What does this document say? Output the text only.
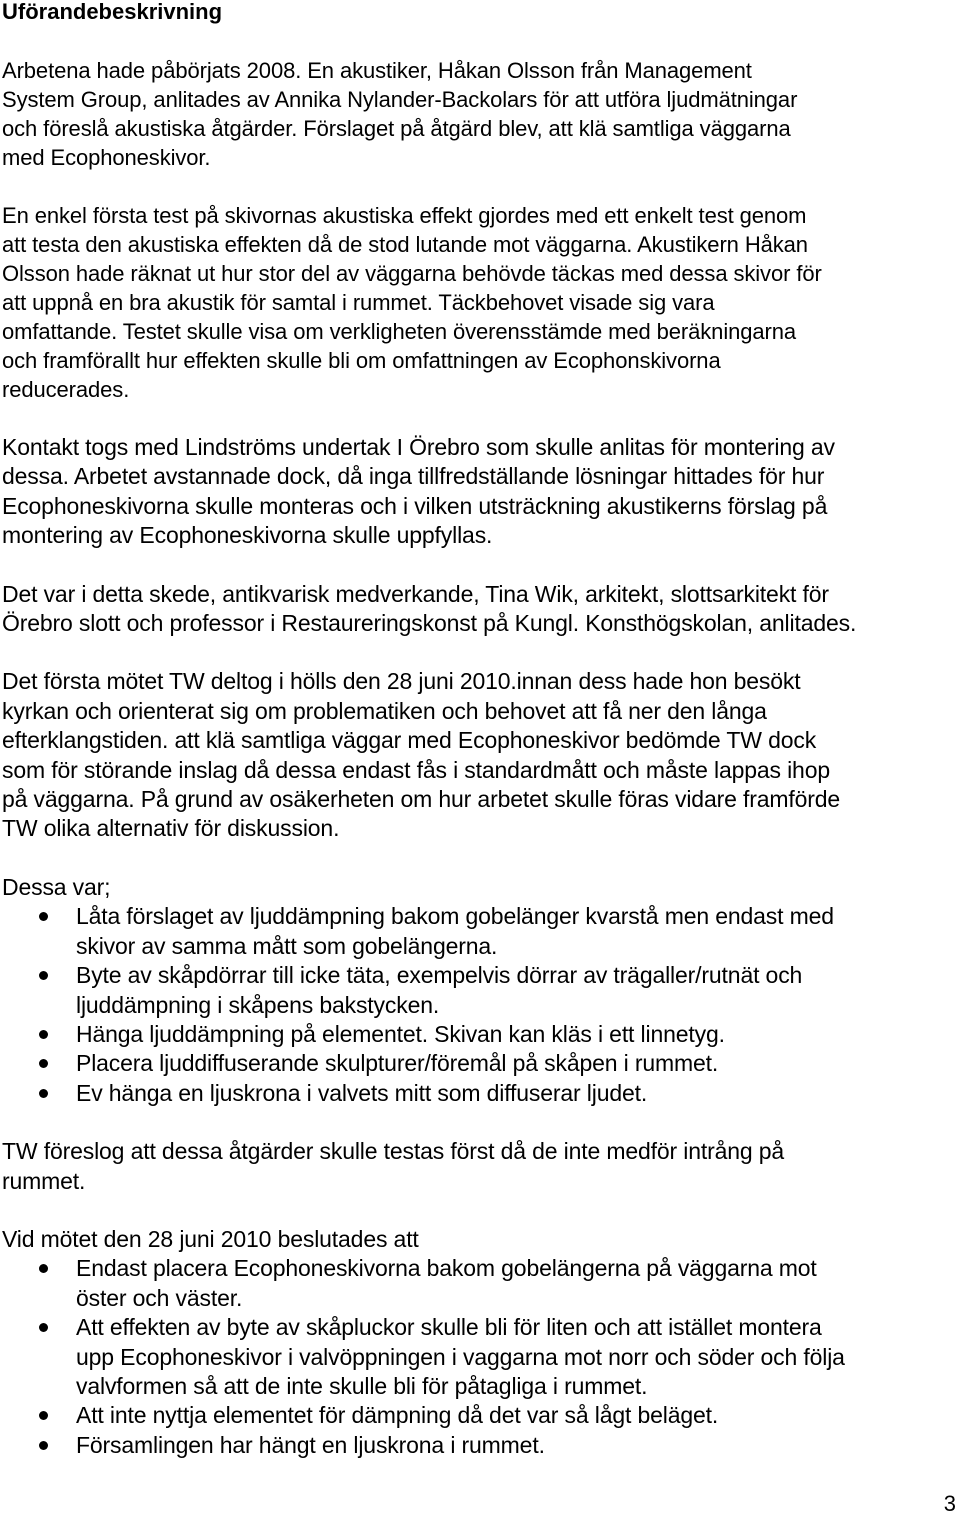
Uförandebeskrivning
Arbetena hade påbörjats 2008. En akustiker, Håkan Olsson från Management
System Group, anlitades av Annika Nylander-Backolars för att utföra ljudmätningar
och föreslå akustiska åtgärder. Förslaget på åtgärd blev, att klä samtliga väggarna
med Ecophoneskivor.
En enkel första test på skivornas akustiska effekt gjordes med ett enkelt test genom
att testa den akustiska effekten då de stod lutande mot väggarna. Akustikern Håkan
Olsson hade räknat ut hur stor del av väggarna behövde täckas med dessa skivor för
att uppnå en bra akustik för samtal i rummet. Täckbehovet visade sig vara
omfattande. Testet skulle visa om verkligheten överensstämde med beräkningarna
och framförallt hur effekten skulle bli om omfattningen av Ecophonskivorna
reducerades.
Kontakt togs med Lindströms undertak I Örebro som skulle anlitas för montering av
dessa. Arbetet avstannade dock, då inga tillfredställande lösningar hittades för hur
Ecophoneskivorna skulle monteras och i vilken utsträckning akustikerns förslag på
montering av Ecophoneskivorna skulle uppfyllas.
Det var i detta skede, antikvarisk medverkande, Tina Wik, arkitekt, slottsarkitekt för
Örebro slott och professor i Restaureringskonst på Kungl. Konsthögskolan, anlitades.
Det första mötet TW deltog i hölls den 28 juni 2010.innan dess hade hon besökt
kyrkan och orienterat sig om problematiken och behovet att få ner den långa
efterklangstiden. att klä samtliga väggar med Ecophoneskivor bedömde TW dock
som för störande inslag då dessa endast fås i standardmått och måste lappas ihop
på väggarna. På grund av osäkerheten om hur arbetet skulle föras vidare framförde
TW olika alternativ för diskussion.
Dessa var;
Låta förslaget av ljuddämpning bakom gobelänger kvarstå men endast med
skivor av samma mått som gobelängerna.
Byte av skåpdörrar till icke täta, exempelvis dörrar av trägaller/rutnät och
ljuddämpning i skåpens bakstycken.
Hänga ljuddämpning på elementet. Skivan kan kläs i ett linnetyg.
Placera ljuddiffuserande skulpturer/föremål på skåpen i rummet.
Ev hänga en ljuskrona i valvets mitt som diffuserar ljudet.
TW föreslog att dessa åtgärder skulle testas först då de inte medför intrång på
rummet.
Vid mötet den 28 juni 2010 beslutades att
Endast placera Ecophoneskivorna bakom gobelängerna på väggarna mot
öster och väster.
Att effekten av byte av skåpluckor skulle bli för liten och att istället montera
upp Ecophoneskivor i valvöppningen i vaggarna mot norr och söder och följa
valvformen så att de inte skulle bli för påtagliga i rummet.
Att inte nyttja elementet för dämpning då det var så lågt beläget.
Församlingen har hängt en ljuskrona i rummet.
3
